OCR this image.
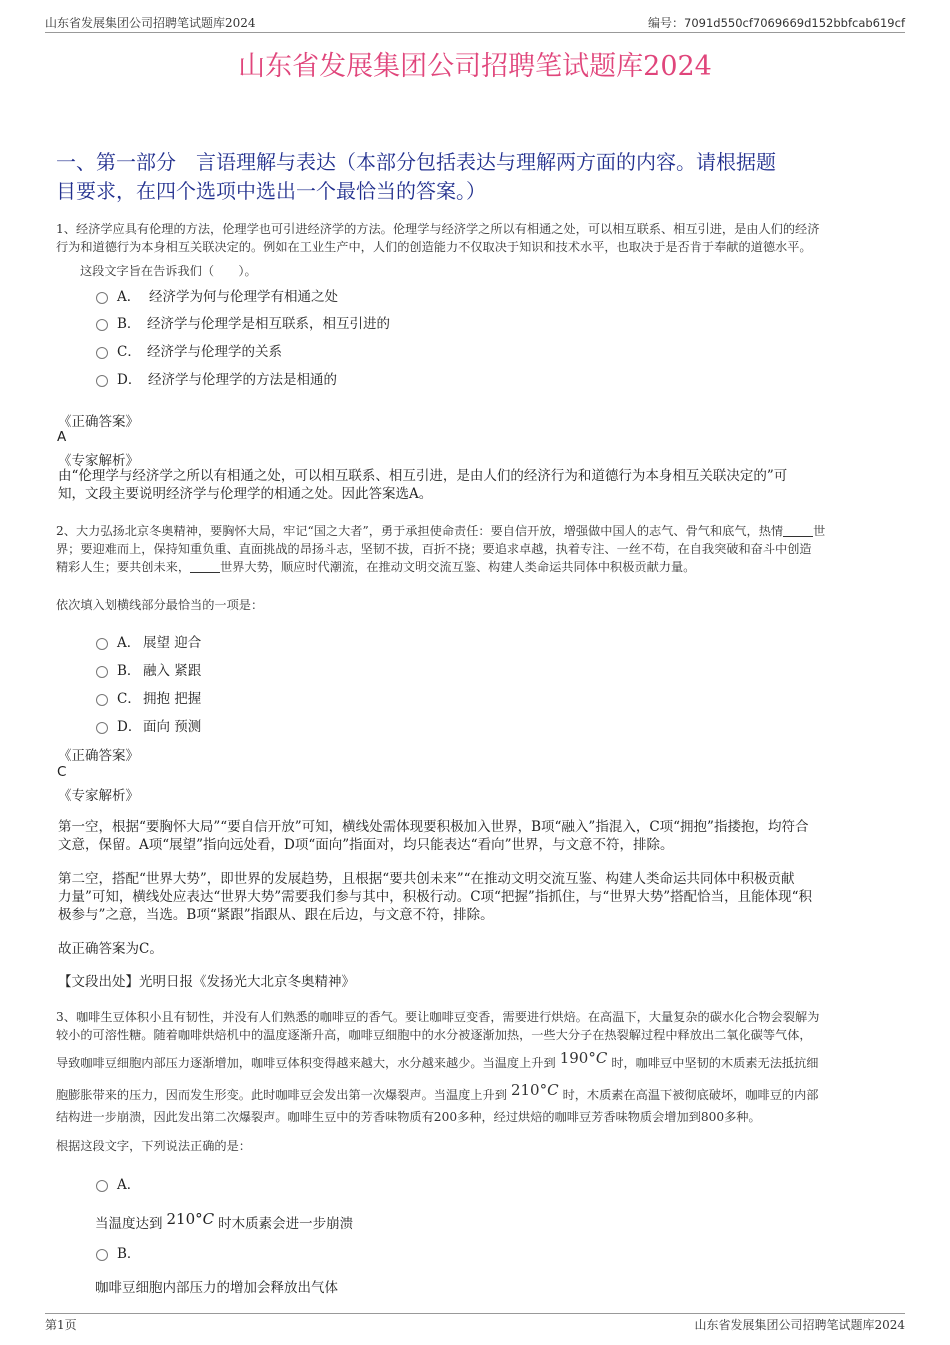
山东省发展集团公司招聘笔试题库2024	编号：7091d550cf7069669d152bbfcab619cf
山东省发展集团公司招聘笔试题库2024
一、第一部分　言语理解与表达（本部分包括表达与理解两方面的内容。请根据题
目要求，在四个选项中选出一个最恰当的答案。）
1、经济学应具有伦理的方法，伦理学也可引进经济学的方法。伦理学与经济学之所以有相通之处，可以相互联系、相互引进，是由人们的经济
行为和道德行为本身相互关联决定的。例如在工业生产中，人们的创造能力不仅取决于知识和技术水平，也取决于是否肯于奉献的道德水平。
这段文字旨在告诉我们（　　）。
A． 经济学为何与伦理学有相通之处
B． 经济学与伦理学是相互联系，相互引进的
C． 经济学与伦理学的关系
D． 经济学与伦理学的方法是相通的
《正确答案》
A
《专家解析》
由“伦理学与经济学之所以有相通之处，可以相互联系、相互引进，是由人们的经济行为和道德行为本身相互关联决定的”可
知，文段主要说明经济学与伦理学的相通之处。因此答案选A。
2、大力弘扬北京冬奥精神，要胸怀大局，牢记“国之大者”，勇于承担使命责任：要自信开放，增强做中国人的志气、骨气和底气，热情 世
界；要迎难而上，保持知重负重、直面挑战的昂扬斗志，坚韧不拔，百折不挠；要追求卓越，执着专注、一丝不苟，在自我突破和奋斗中创造
精彩人生；要共创未来， 世界大势，顺应时代潮流，在推动文明交流互鉴、构建人类命运共同体中积极贡献力量。
依次填入划横线部分最恰当的一项是：
A． 展望 迎合
B． 融入 紧跟
C． 拥抱 把握
D． 面向 预测
《正确答案》
C
《专家解析》
第一空，根据“要胸怀大局”“要自信开放”可知，横线处需体现要积极加入世界，B项“融入”指混入，C项“拥抱”指搂抱，均符合
文意，保留。A项“展望”指向远处看，D项“面向”指面对，均只能表达“看向”世界，与文意不符，排除。
第二空，搭配“世界大势”，即世界的发展趋势，且根据“要共创未来”“在推动文明交流互鉴、构建人类命运共同体中积极贡献
力量”可知，横线处应表达“世界大势”需要我们参与其中，积极行动。C项“把握”指抓住，与“世界大势”搭配恰当，且能体现“积
极参与”之意，当选。B项“紧跟”指跟从、跟在后边，与文意不符，排除。
故正确答案为C。
【文段出处】光明日报《发扬光大北京冬奥精神》
3、咖啡生豆体积小且有韧性，并没有人们熟悉的咖啡豆的香气。要让咖啡豆变香，需要进行烘焙。在高温下，大量复杂的碳水化合物会裂解为
较小的可溶性糖。随着咖啡烘焙机中的温度逐渐升高，咖啡豆细胞中的水分被逐渐加热，一些大分子在热裂解过程中释放出二氧化碳等气体，
导致咖啡豆细胞内部压力逐渐增加，咖啡豆体积变得越来越大，水分越来越少。当温度上升到 190°C 时，咖啡豆中坚韧的木质素无法抵抗细
胞膨胀带来的压力，因而发生形变。此时咖啡豆会发出第一次爆裂声。当温度上升到 210°C 时，木质素在高温下被彻底破坏，咖啡豆的内部
结构进一步崩溃，因此发出第二次爆裂声。咖啡生豆中的芳香味物质有200多种，经过烘焙的咖啡豆芳香味物质会增加到800多种。
根据这段文字，下列说法正确的是：
A．
当温度达到 210°C 时木质素会进一步崩溃
B．
咖啡豆细胞内部压力的增加会释放出气体
第1页	山东省发展集团公司招聘笔试题库2024
